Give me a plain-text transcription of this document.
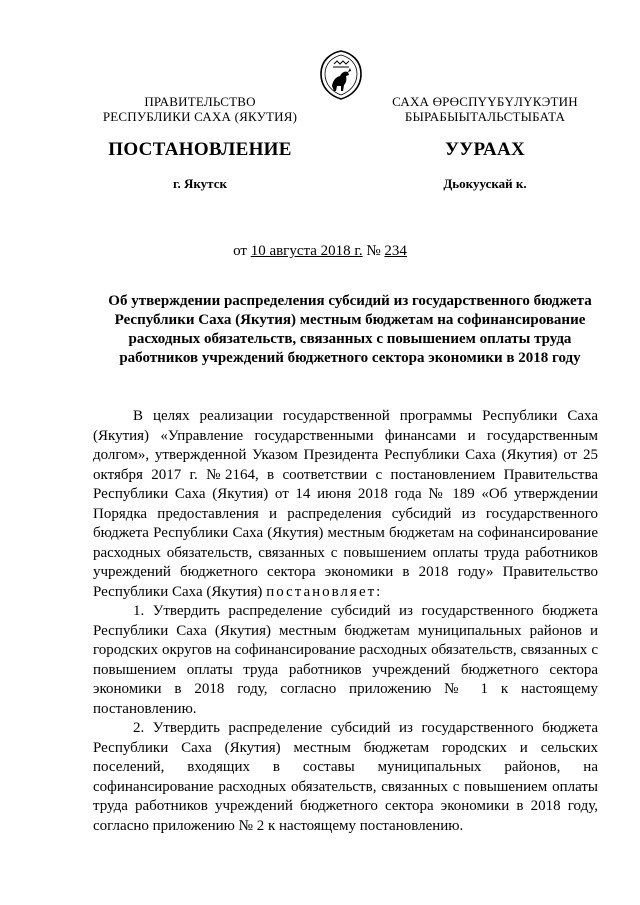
ПРАВИТЕЛЬСТВО
РЕСПУБЛИКИ САХА (ЯКУТИЯ)
САХА ӨРӨСПҮҮБҮЛҮКЭТИН
БЫРАБЫЫТАЛЬСТЫБАТА
ПОСТАНОВЛЕНИЕ	УУРААХ
г. Якутск	Дьокуускай к.
от 10 августа 2018 г. № 234
Об утверждении распределения субсидий из государственного бюджета Республики Саха (Якутия) местным бюджетам на софинансирование расходных обязательств, связанных с повышением оплаты труда работников учреждений бюджетного сектора экономики в 2018 году

В целях реализации государственной программы Республики Саха (Якутия) «Управление государственными финансами и государственным долгом», утвержденной Указом Президента Республики Саха (Якутия) от 25 октября 2017 г. №2164, в соответствии с постановлением Правительства Республики Саха (Якутия) от 14 июня 2018 года № 189 «Об утверждении Порядка предоставления и распределения субсидий из государственного бюджета Республики Саха (Якутия) местным бюджетам на софинансирование расходных обязательств, связанных с повышением оплаты труда работников учреждений бюджетного сектора экономики в 2018 году» Правительство Республики Саха (Якутия) постановляет:

1. Утвердить распределение субсидий из государственного бюджета Республики Саха (Якутия) местным бюджетам муниципальных районов и городских округов на софинансирование расходных обязательств, связанных с повышением оплаты труда работников учреждений бюджетного сектора экономики в 2018 году, согласно приложению № 1 к настоящему постановлению.

2. Утвердить распределение субсидий из государственного бюджета Республики Саха (Якутия) местным бюджетам городских и сельских поселений, входящих в составы муниципальных районов, на софинансирование расходных обязательств, связанных с повышением оплаты труда работников учреждений бюджетного сектора экономики в 2018 году, согласно приложению № 2 к настоящему постановлению.
